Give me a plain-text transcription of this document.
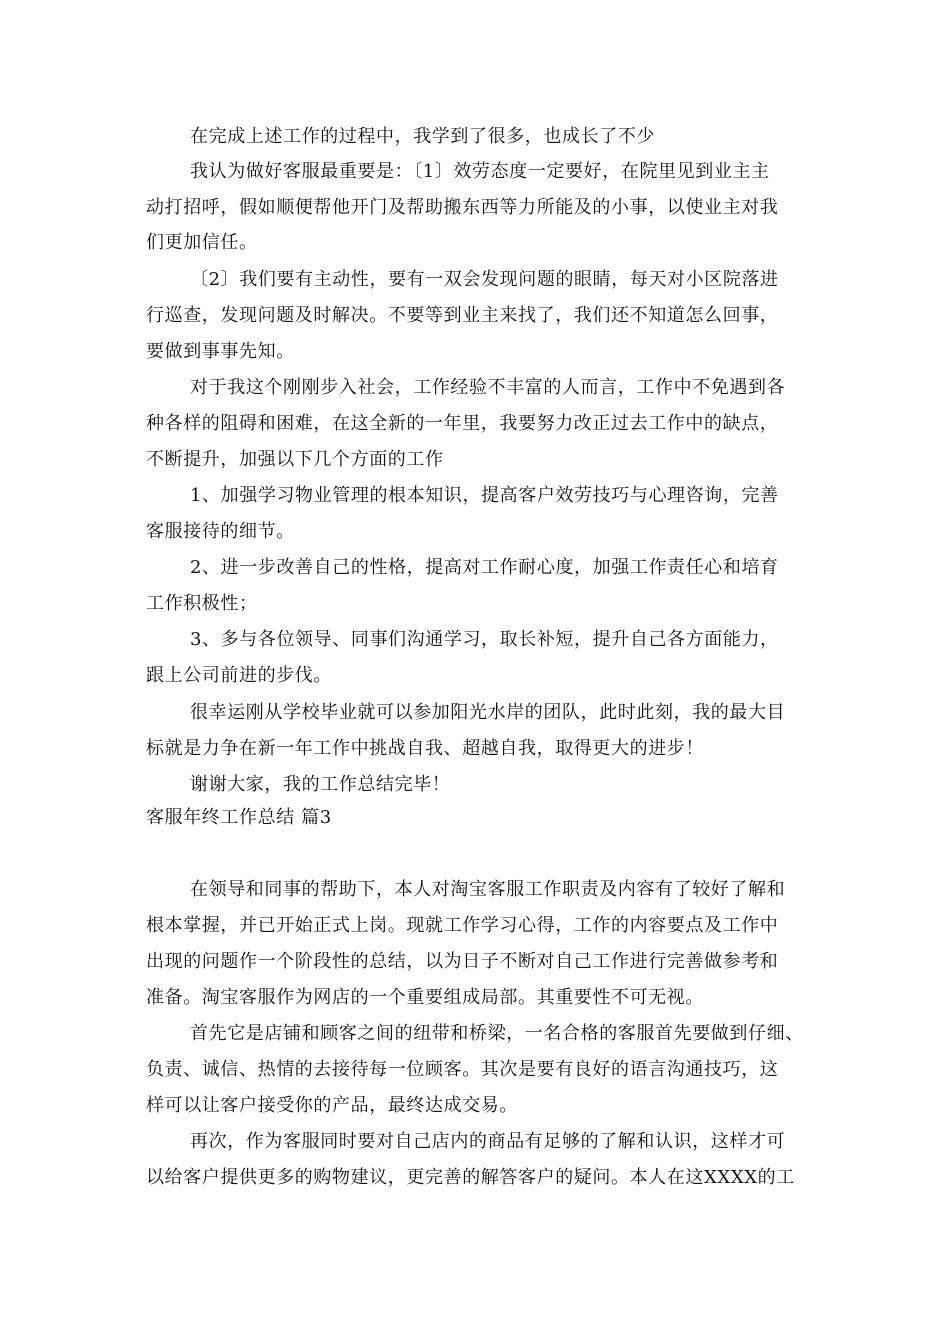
在完成上述工作的过程中，我学到了很多，也成长了不少

我认为做好客服最重要是：〔1〕效劳态度一定要好，在院里见到业主主

动打招呼，假如顺便帮他开门及帮助搬东西等力所能及的小事，以使业主对我

们更加信任。

〔2〕我们要有主动性，要有一双会发现问题的眼睛，每天对小区院落进

行巡查，发现问题及时解决。不要等到业主来找了，我们还不知道怎么回事，

要做到事事先知。

对于我这个刚刚步入社会，工作经验不丰富的人而言，工作中不免遇到各

种各样的阻碍和困难，在这全新的一年里，我要努力改正过去工作中的缺点，

不断提升，加强以下几个方面的工作

1、加强学习物业管理的根本知识，提高客户效劳技巧与心理咨询，完善

客服接待的细节。

2、进一步改善自己的性格，提高对工作耐心度，加强工作责任心和培育

工作积极性；

3、多与各位领导、同事们沟通学习，取长补短，提升自己各方面能力，

跟上公司前进的步伐。

很幸运刚从学校毕业就可以参加阳光水岸的团队，此时此刻，我的最大目

标就是力争在新一年工作中挑战自我、超越自我，取得更大的进步！

谢谢大家，我的工作总结完毕！

客服年终工作总结 篇3

在领导和同事的帮助下，本人对淘宝客服工作职责及内容有了较好了解和

根本掌握，并已开始正式上岗。现就工作学习心得，工作的内容要点及工作中

出现的问题作一个阶段性的总结，以为日子不断对自己工作进行完善做参考和

准备。淘宝客服作为网店的一个重要组成局部。其重要性不可无视。

首先它是店铺和顾客之间的纽带和桥梁，一名合格的客服首先要做到仔细、

负责、诚信、热情的去接待每一位顾客。其次是要有良好的语言沟通技巧，这

样可以让客户接受你的产品，最终达成交易。

再次，作为客服同时要对自己店内的商品有足够的了解和认识，这样才可

以给客户提供更多的购物建议，更完善的解答客户的疑问。本人在这XXXX的工
